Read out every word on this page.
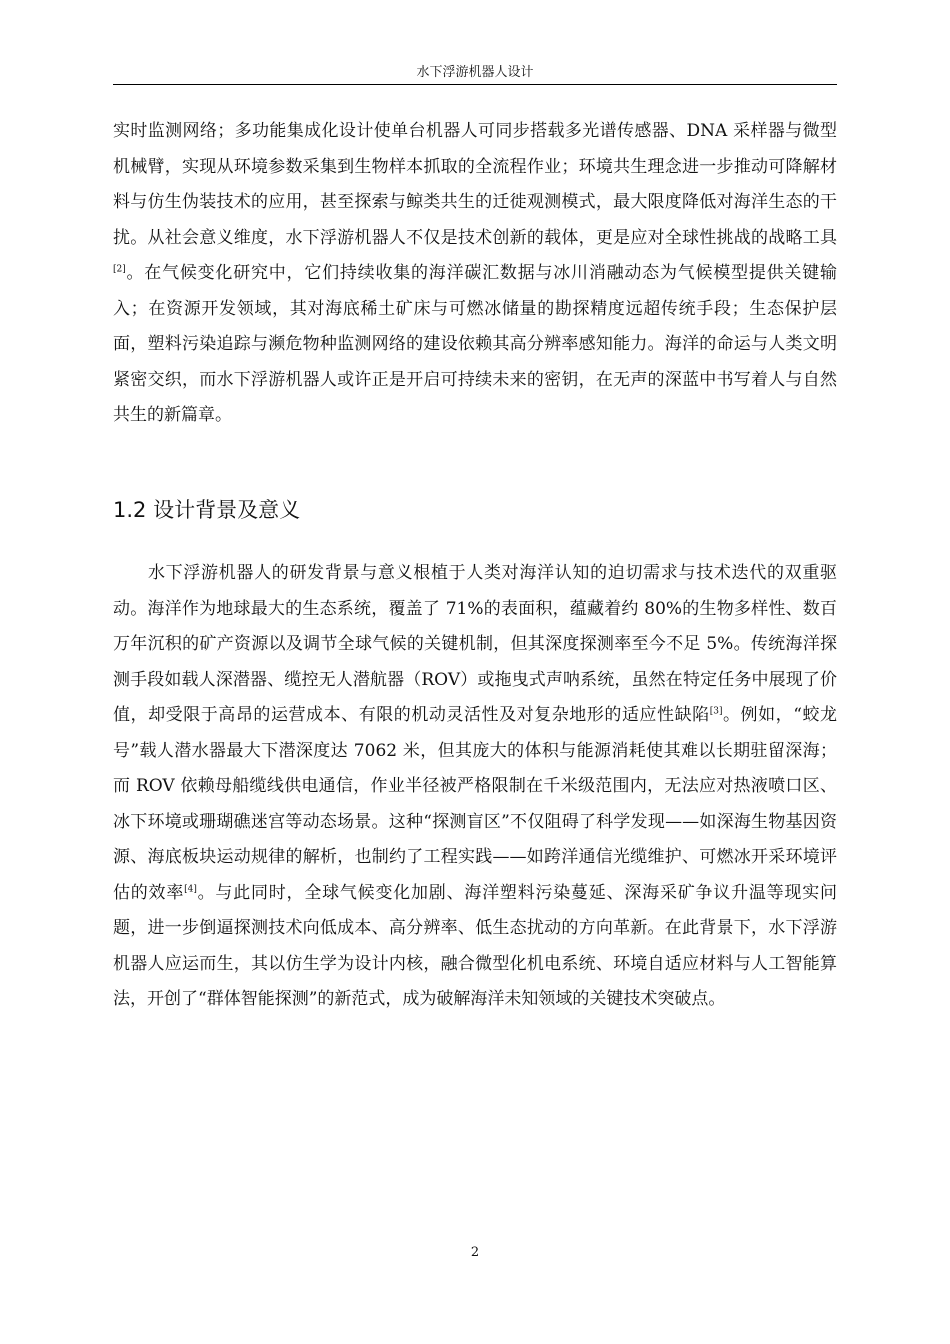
水下浮游机器人设计

实时监测网络；多功能集成化设计使单台机器人可同步搭载多光谱传感器、DNA 采样器与微型机械臂，实现从环境参数采集到生物样本抓取的全流程作业；环境共生理念进一步推动可降解材料与仿生伪装技术的应用，甚至探索与鲸类共生的迁徙观测模式，最大限度降低对海洋生态的干扰。从社会意义维度，水下浮游机器人不仅是技术创新的载体，更是应对全球性挑战的战略工具[2]。在气候变化研究中，它们持续收集的海洋碳汇数据与冰川消融动态为气候模型提供关键输入；在资源开发领域，其对海底稀土矿床与可燃冰储量的勘探精度远超传统手段；生态保护层面，塑料污染追踪与濒危物种监测网络的建设依赖其高分辨率感知能力。海洋的命运与人类文明紧密交织，而水下浮游机器人或许正是开启可持续未来的密钥，在无声的深蓝中书写着人与自然共生的新篇章。

1.2 设计背景及意义

水下浮游机器人的研发背景与意义根植于人类对海洋认知的迫切需求与技术迭代的双重驱动。海洋作为地球最大的生态系统，覆盖了 71%的表面积，蕴藏着约 80%的生物多样性、数百万年沉积的矿产资源以及调节全球气候的关键机制，但其深度探测率至今不足 5%。传统海洋探测手段如载人深潜器、缆控无人潜航器（ROV）或拖曳式声呐系统，虽然在特定任务中展现了价值，却受限于高昂的运营成本、有限的机动灵活性及对复杂地形的适应性缺陷[3]。例如，“蛟龙号”载人潜水器最大下潜深度达 7062 米，但其庞大的体积与能源消耗使其难以长期驻留深海；而 ROV 依赖母船缆线供电通信，作业半径被严格限制在千米级范围内，无法应对热液喷口区、冰下环境或珊瑚礁迷宫等动态场景。这种“探测盲区”不仅阻碍了科学发现——如深海生物基因资源、海底板块运动规律的解析，也制约了工程实践——如跨洋通信光缆维护、可燃冰开采环境评估的效率[4]。与此同时，全球气候变化加剧、海洋塑料污染蔓延、深海采矿争议升温等现实问题，进一步倒逼探测技术向低成本、高分辨率、低生态扰动的方向革新。在此背景下，水下浮游机器人应运而生，其以仿生学为设计内核，融合微型化机电系统、环境自适应材料与人工智能算法，开创了“群体智能探测”的新范式，成为破解海洋未知领域的关键技术突破点。

2
